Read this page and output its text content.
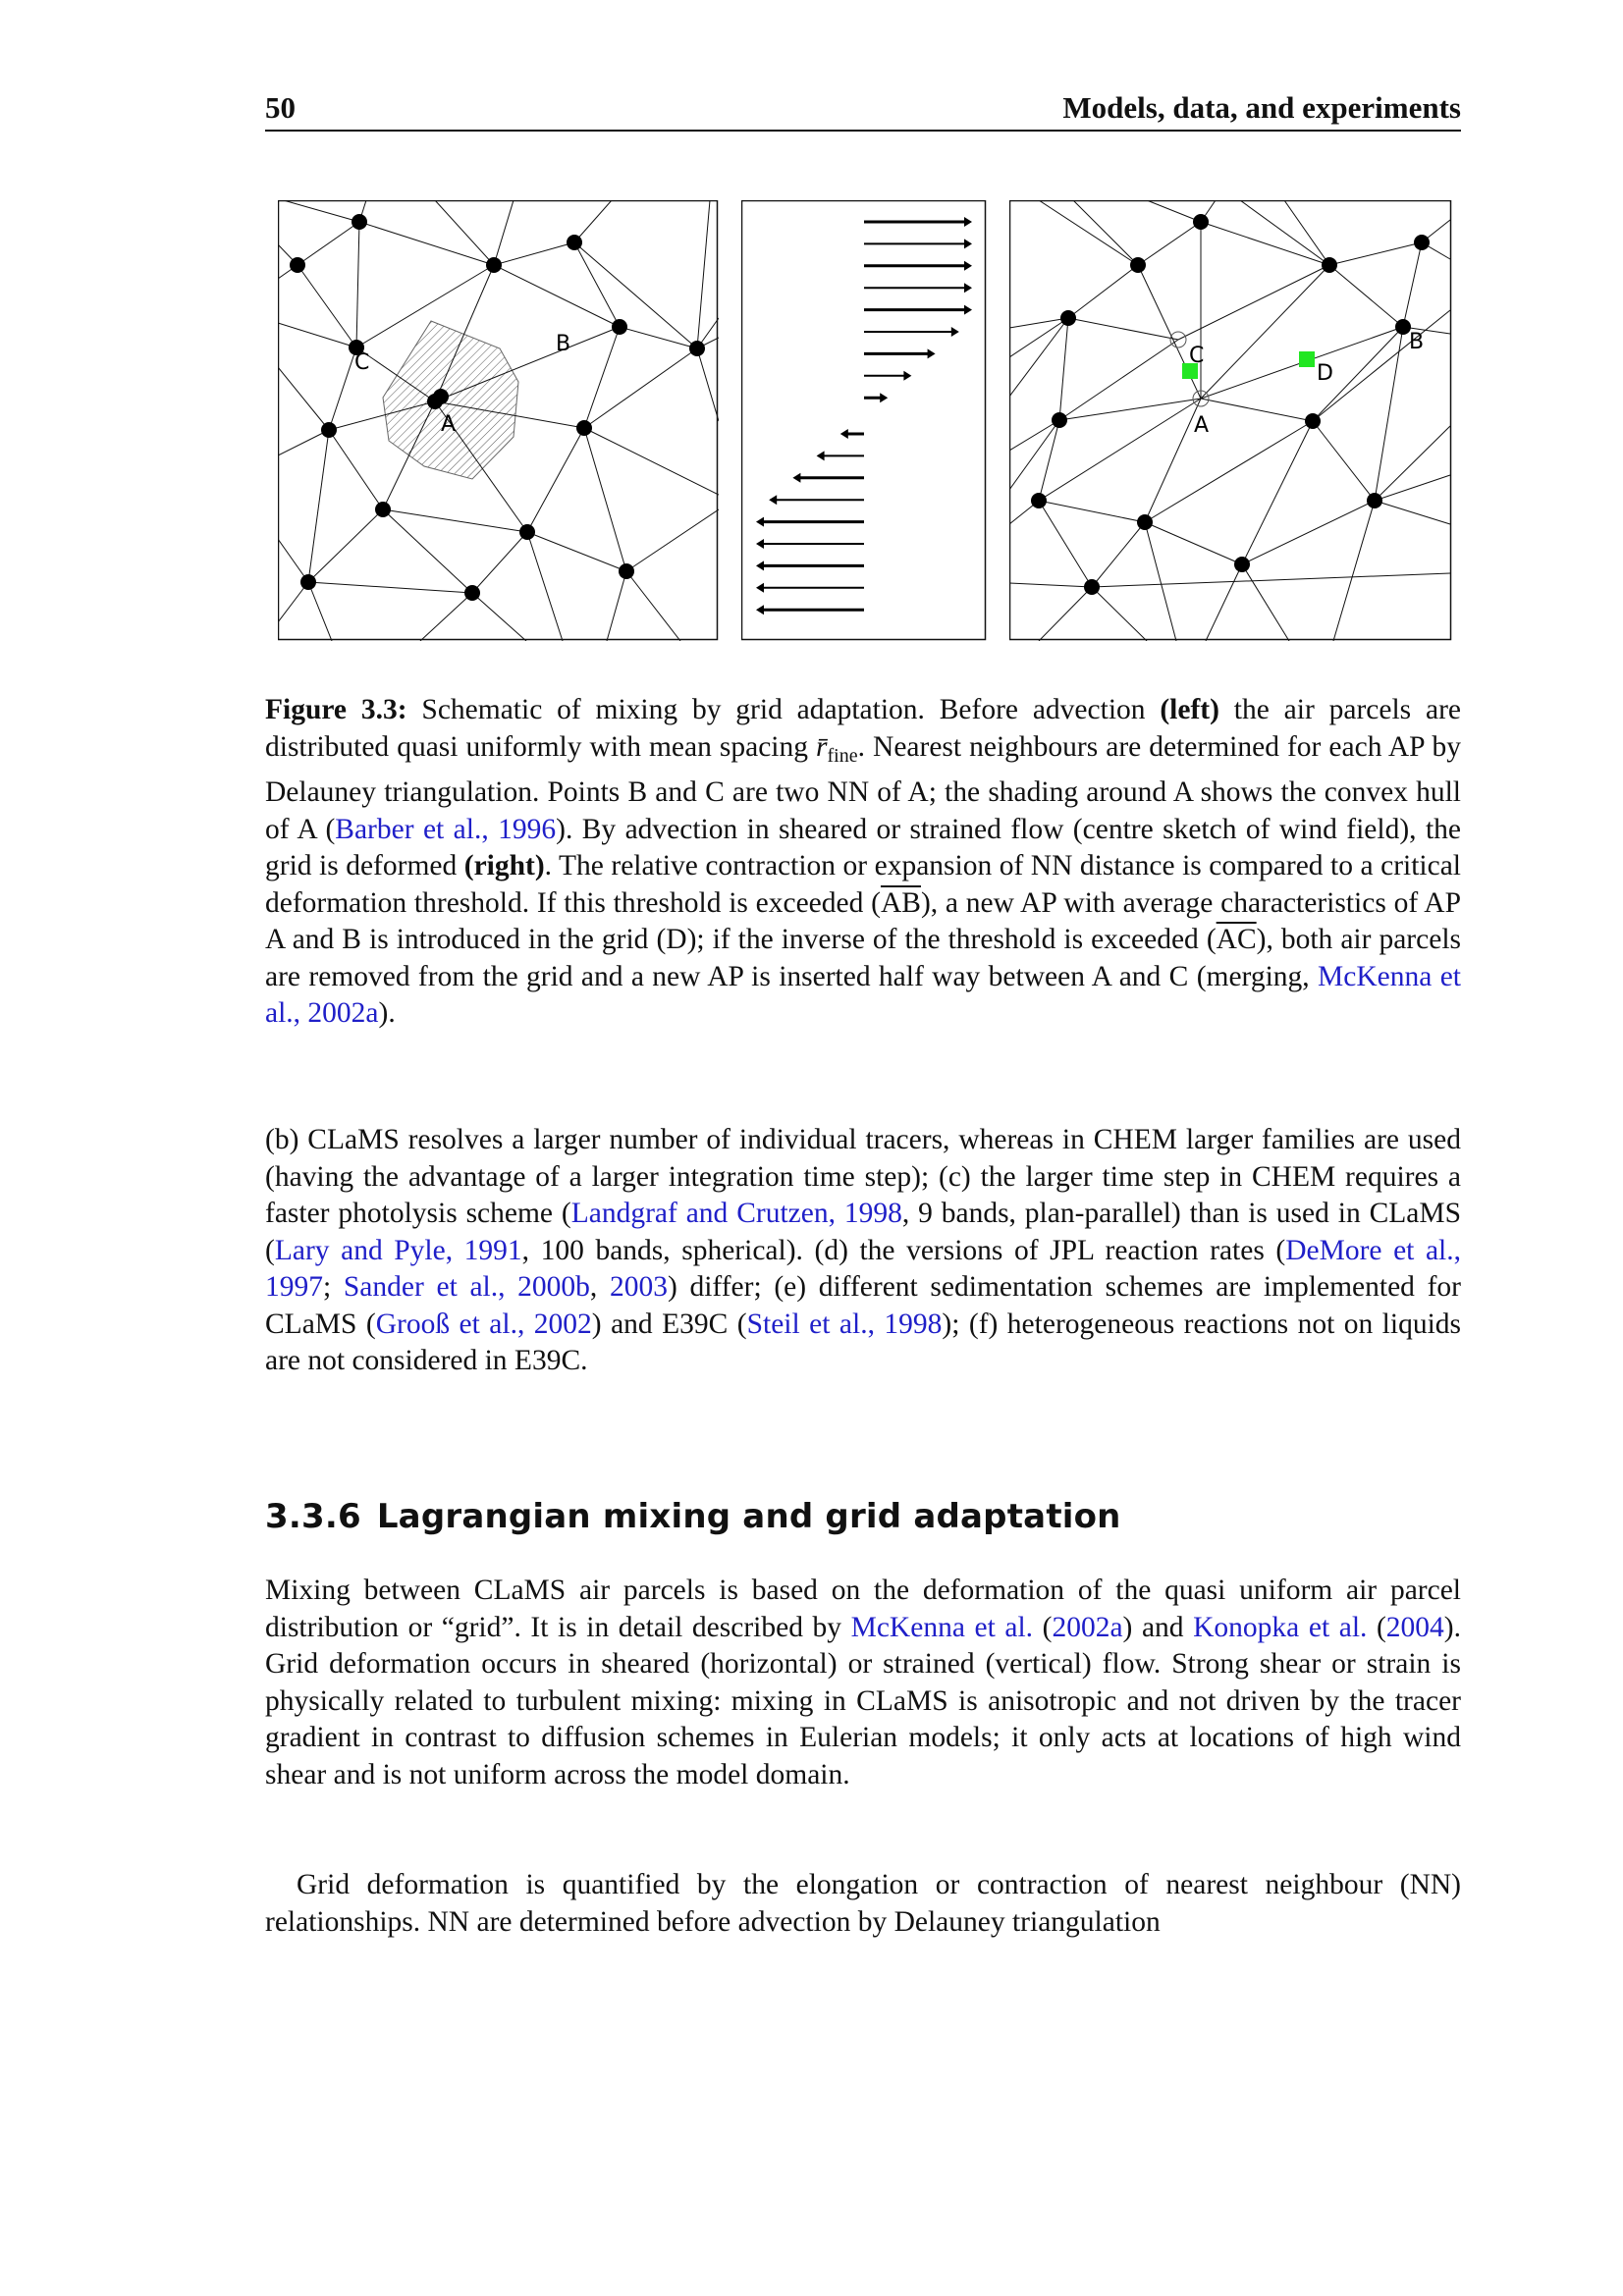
50	Models, data, and experiments
C
B
A
C
D
B
A
Figure 3.3: Schematic of mixing by grid adaptation. Before advection (left) the air parcels are distributed quasi uniformly with mean spacing $r̄_{fine}$. Nearest neighbours are determined for each AP by Delauney triangulation. Points B and C are two NN of A; the shading around A shows the convex hull of A (Barber et al., 1996). By advection in sheared or strained flow (centre sketch of wind field), the grid is deformed (right). The relative contraction or expansion of NN distance is compared to a critical deformation threshold. If this threshold is exceeded $(\overline{AB})$, a new AP with average characteristics of AP A and B is introduced in the grid (D); if the inverse of the threshold is exceeded $(\overline{AC})$, both air parcels are removed from the grid and a new AP is inserted half way between A and C (merging, McKenna et al., 2002a).
(b) CLaMS resolves a larger number of individual tracers, whereas in CHEM larger families are used (having the advantage of a larger integration time step); (c) the larger time step in CHEM requires a faster photolysis scheme (Landgraf and Crutzen, 1998, 9 bands, plan-parallel) than is used in CLaMS (Lary and Pyle, 1991, 100 bands, spherical). (d) the versions of JPL reaction rates (DeMore et al., 1997; Sander et al., 2000b, 2003) differ; (e) different sedimentation schemes are implemented for CLaMS (Grooß et al., 2002) and E39C (Steil et al., 1998); (f) heterogeneous reactions not on liquids are not considered in E39C.
3.3.6 Lagrangian mixing and grid adaptation
Mixing between CLaMS air parcels is based on the deformation of the quasi uniform air parcel distribution or “grid”. It is in detail described by McKenna et al. (2002a) and Konopka et al. (2004). Grid deformation occurs in sheared (horizontal) or strained (vertical) flow. Strong shear or strain is physically related to turbulent mixing: mixing in CLaMS is anisotropic and not driven by the tracer gradient in contrast to diffusion schemes in Eulerian models; it only acts at locations of high wind shear and is not uniform across the model domain.
Grid deformation is quantified by the elongation or contraction of nearest neighbour (NN) relationships. NN are determined before advection by Delauney triangulation
